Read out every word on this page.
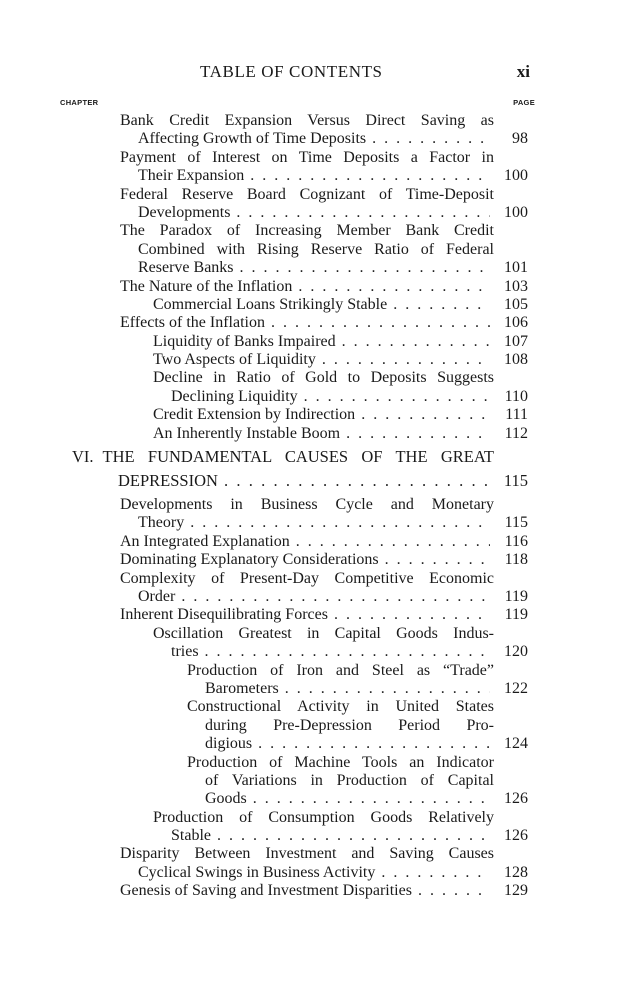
TABLE OF CONTENTS	xi
CHAPTER	PAGE
Bank Credit Expansion Versus Direct Saving as
Affecting Growth of Time Deposits . .	98
Payment of Interest on Time Deposits a Factor in
Their Expansion . .	100
Federal Reserve Board Cognizant of Time-Deposit
Developments . .	100
The Paradox of Increasing Member Bank Credit
Combined with Rising Reserve Ratio of Federal
Reserve Banks . .	101
The Nature of the Inflation . .	103
Commercial Loans Strikingly Stable . .	105
Effects of the Inflation . .	106
Liquidity of Banks Impaired . .	107
Two Aspects of Liquidity . .	108
Decline in Ratio of Gold to Deposits Suggests
Declining Liquidity . .	110
Credit Extension by Indirection . .	111
An Inherently Instable Boom . .	112
VI. THE FUNDAMENTAL CAUSES OF THE GREAT
DEPRESSION . .	115
Developments in Business Cycle and Monetary
Theory . .	115
An Integrated Explanation . .	116
Dominating Explanatory Considerations . .	118
Complexity of Present-Day Competitive Economic
Order . .	119
Inherent Disequilibrating Forces . .	119
Oscillation Greatest in Capital Goods Indus-
tries . .	120
Production of Iron and Steel as “Trade”
Barometers . .	122
Constructional Activity in United States
during Pre-Depression Period Pro-
digious . .	124
Production of Machine Tools an Indicator
of Variations in Production of Capital
Goods . .	126
Production of Consumption Goods Relatively
Stable . .	126
Disparity Between Investment and Saving Causes
Cyclical Swings in Business Activity . .	128
Genesis of Saving and Investment Disparities . .	129
